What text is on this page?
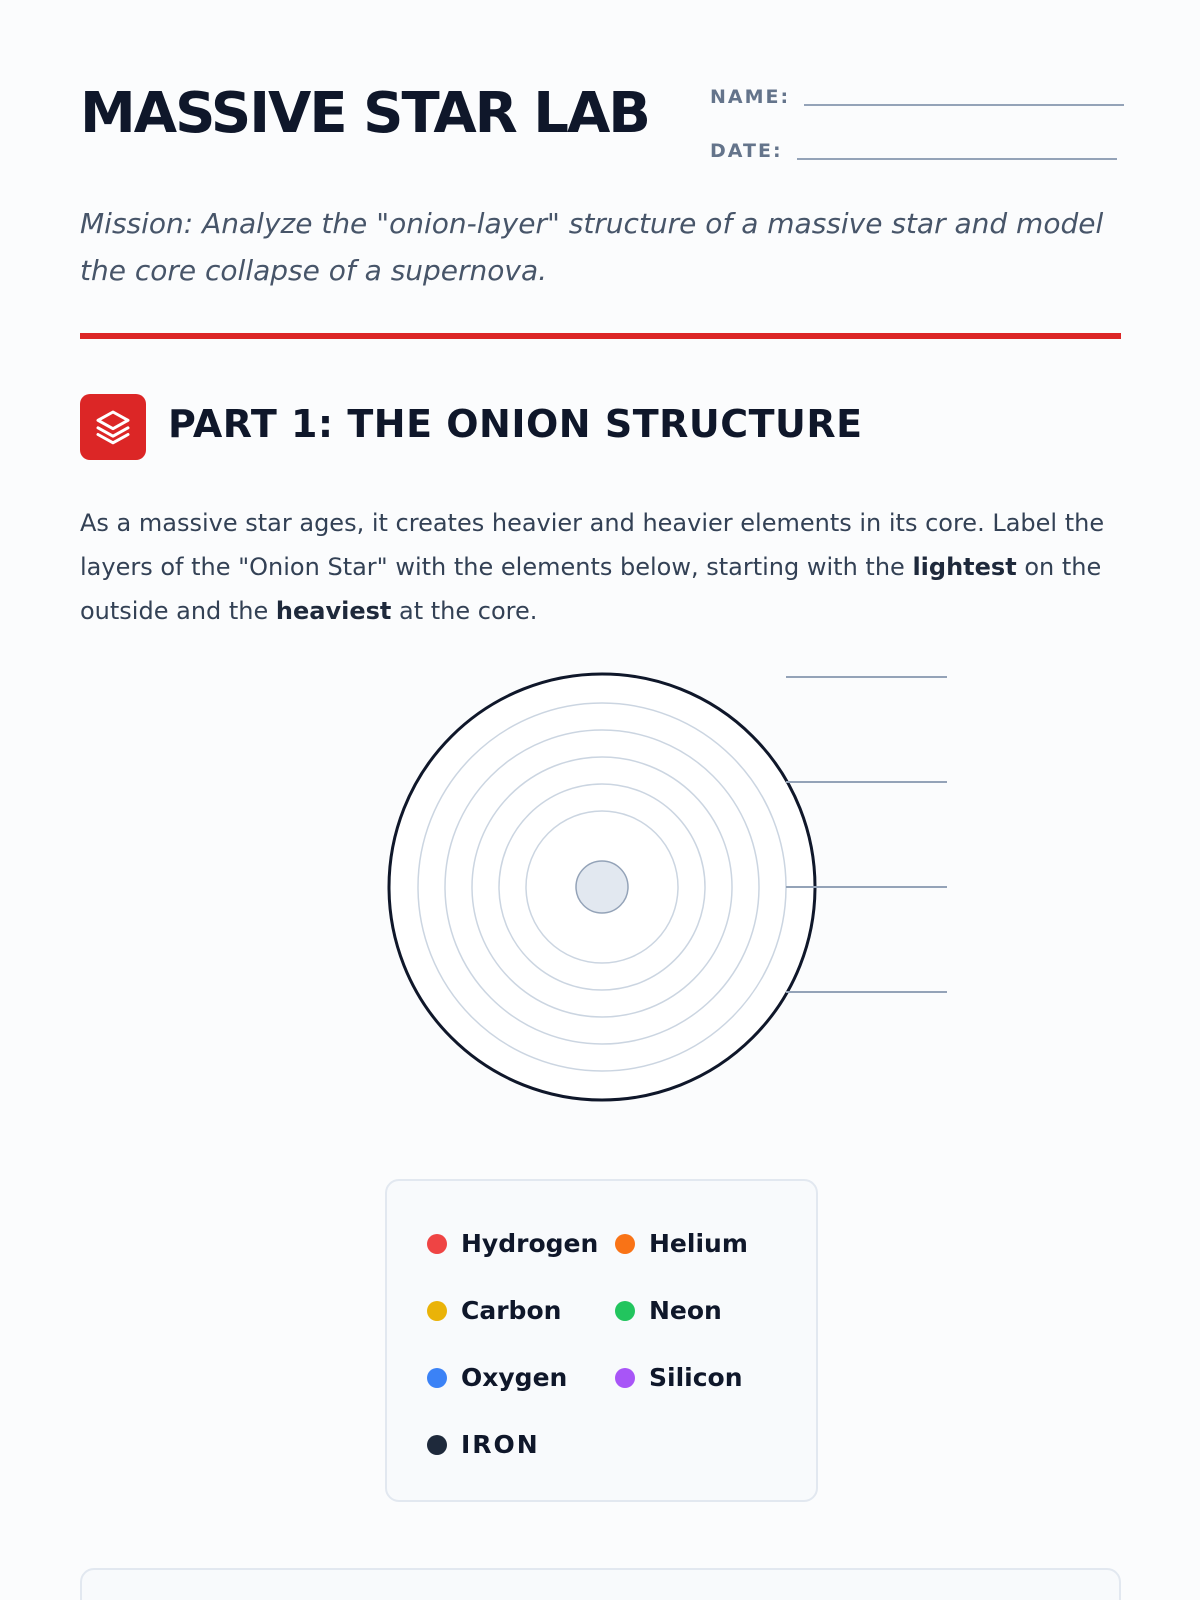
MASSIVE STAR LAB	NAME:
DATE:

Mission: Analyze the "onion-layer" structure of a massive star and model the core collapse of a supernova.

PART 1: THE ONION STRUCTURE

As a massive star ages, it creates heavier and heavier elements in its core. Label the layers of the "Onion Star" with the elements below, starting with the lightest on the outside and the heaviest at the core.

Hydrogen Helium
Carbon	Neon
Oxygen	Silicon
IRON
